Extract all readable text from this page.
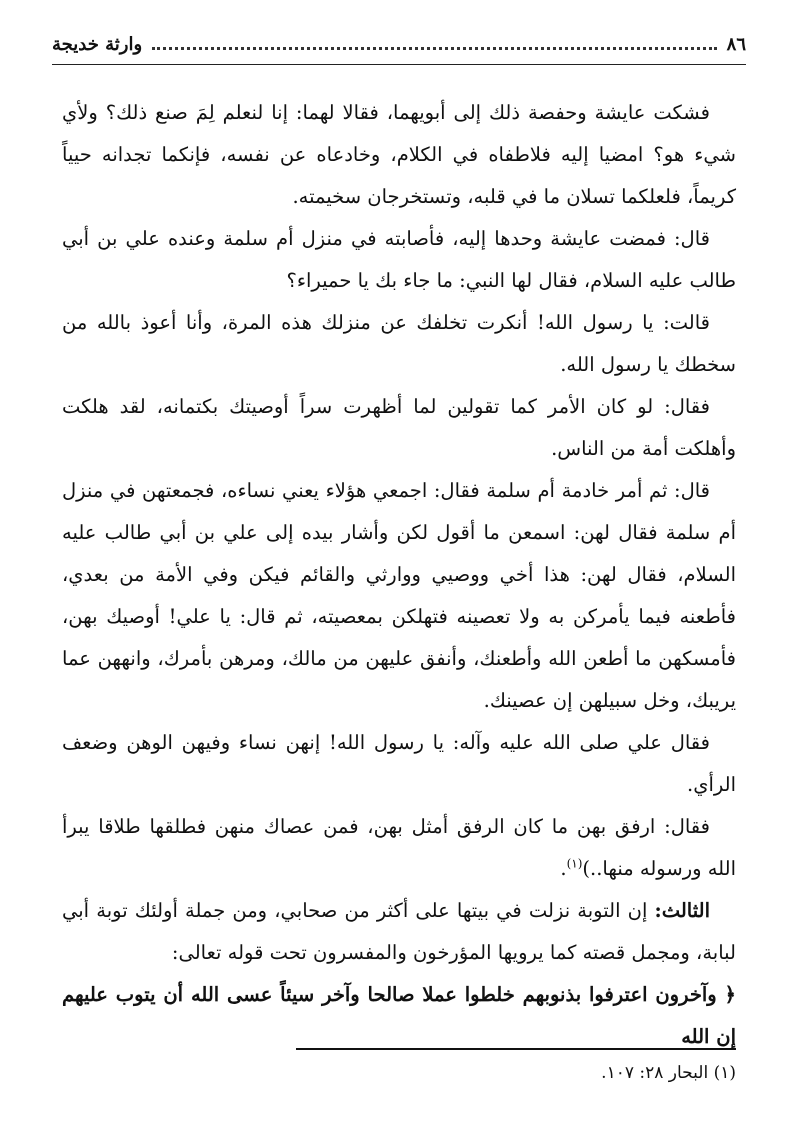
٨٦
وارثة خديجة

فشكت عايشة وحفصة ذلك إلى أبويهما، فقالا لهما: إنا لنعلم لِمَ صنع ذلك؟ ولأي شيء هو؟ امضيا إليه فلاطفاه في الكلام، وخادعاه عن نفسه، فإنكما تجدانه حيياً كريماً، فلعلكما تسلان ما في قلبه، وتستخرجان سخيمته.

قال: فمضت عايشة وحدها إليه، فأصابته في منزل أم سلمة وعنده علي بن أبي طالب عليه السلام، فقال لها النبي: ما جاء بك يا حميراء؟

قالت: يا رسول الله! أنكرت تخلفك عن منزلك هذه المرة، وأنا أعوذ بالله من سخطك يا رسول الله.

فقال: لو كان الأمر كما تقولين لما أظهرت سراً أوصيتك بكتمانه، لقد هلكت وأهلكت أمة من الناس.

قال: ثم أمر خادمة أم سلمة فقال: اجمعي هؤلاء يعني نساءه، فجمعتهن في منزل أم سلمة فقال لهن: اسمعن ما أقول لكن وأشار بيده إلى علي بن أبي طالب عليه السلام، فقال لهن: هذا أخي ووصيي ووارثي والقائم فيكن وفي الأمة من بعدي، فأطعنه فيما يأمركن به ولا تعصينه فتهلكن بمعصيته، ثم قال: يا علي! أوصيك بهن، فأمسكهن ما أطعن الله وأطعنك، وأنفق عليهن من مالك، ومرهن بأمرك، وانههن عما يريبك، وخل سبيلهن إن عصينك.

فقال علي صلى الله عليه وآله: يا رسول الله! إنهن نساء وفيهن الوهن وضعف الرأي.

فقال: ارفق بهن ما كان الرفق أمثل بهن، فمن عصاك منهن فطلقها طلاقا يبرأ الله ورسوله منها..)$^{(١)}$.

الثالث: إن التوبة نزلت في بيتها على أكثر من صحابي، ومن جملة أولئك توبة أبي لبابة، ومجمل قصته كما يرويها المؤرخون والمفسرون تحت قوله تعالى:

﴿ وآخرون اعترفوا بذنوبهم خلطوا عملا صالحا وآخر سيئاً عسى الله أن يتوب عليهم إن الله

(١) البحار ٢٨: ١٠٧.
